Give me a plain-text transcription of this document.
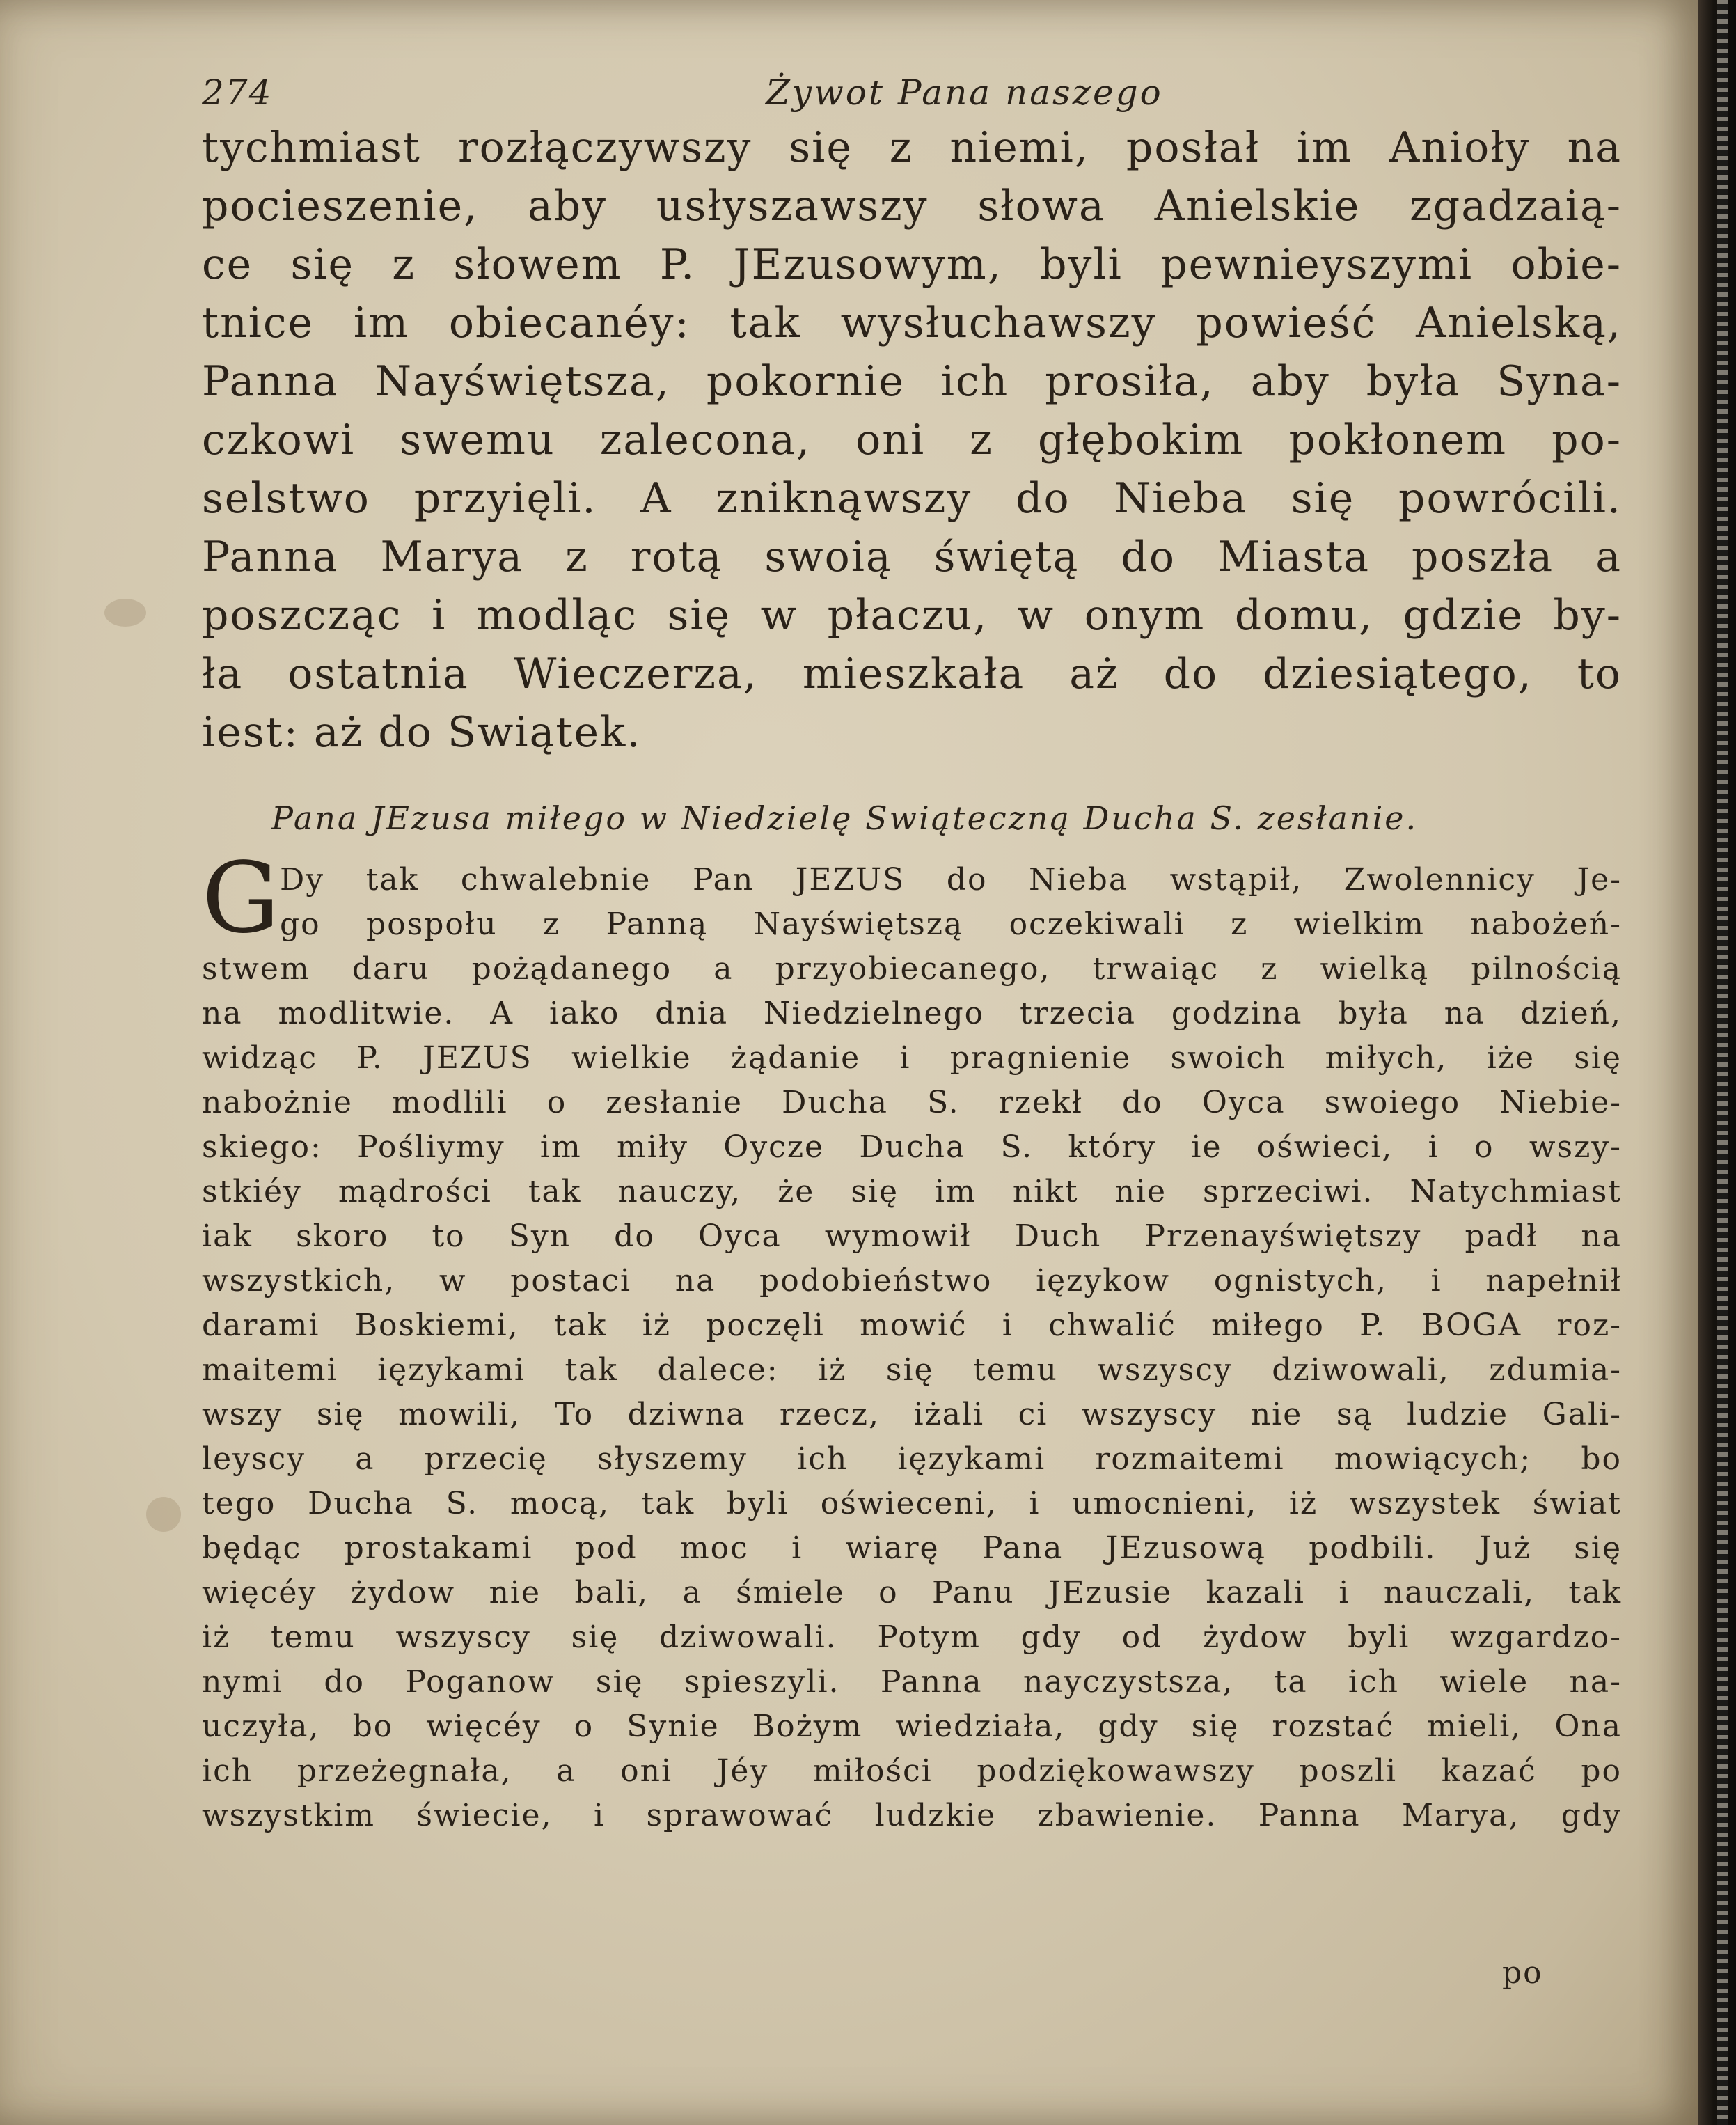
274	Żywot Pana naszego
tychmiast rozłączywszy się z niemi, posłał im Anioły na
pocieszenie, aby usłyszawszy słowa Anielskie zgadzaią-
ce się z słowem P. JEzusowym, byli pewnieyszymi obie-
tnice im obiecanéy: tak wysłuchawszy powieść Anielską,
Panna Nayświętsza, pokornie ich prosiła, aby była Syna-
czkowi swemu zalecona, oni z głębokim pokłonem po-
selstwo przyięli. A zniknąwszy do Nieba się powrócili.
Panna Marya z rotą swoią świętą do Miasta poszła a
poszcząc i modląc się w płaczu, w onym domu, gdzie by-
ła ostatnia Wieczerza, mieszkała aż do dziesiątego, to
iest: aż do Swiątek.
Pana JEzusa miłego w Niedzielę Swiąteczną Ducha S. zesłanie.
G Dy tak chwalebnie Pan JEZUS do Nieba wstąpił, Zwolennicy Je-
go pospołu z Panną Nayświętszą oczekiwali z wielkim nabożeń-
stwem daru pożądanego a przyobiecanego, trwaiąc z wielką pilnością
na modlitwie. A iako dnia Niedzielnego trzecia godzina była na dzień,
widząc P. JEZUS wielkie żądanie i pragnienie swoich miłych, iże się
nabożnie modlili o zesłanie Ducha S. rzekł do Oyca swoiego Niebie-
skiego: Pośliymy im miły Oycze Ducha S. który ie oświeci, i o wszy-
stkiéy mądrości tak nauczy, że się im nikt nie sprzeciwi. Natychmiast
iak skoro to Syn do Oyca wymowił Duch Przenayświętszy padł na
wszystkich, w postaci na podobieństwo ięzykow ognistych, i napełnił
darami Boskiemi, tak iż poczęli mowić i chwalić miłego P. BOGA roz-
maitemi ięzykami tak dalece: iż się temu wszyscy dziwowali, zdumia-
wszy się mowili, To dziwna rzecz, iżali ci wszyscy nie są ludzie Gali-
leyscy a przecię słyszemy ich ięzykami rozmaitemi mowiących; bo
tego Ducha S. mocą, tak byli oświeceni, i umocnieni, iż wszystek świat
będąc prostakami pod moc i wiarę Pana JEzusową podbili. Już się
więcéy żydow nie bali, a śmiele o Panu JEzusie kazali i nauczali, tak
iż temu wszyscy się dziwowali. Potym gdy od żydow byli wzgardzo-
nymi do Poganow się spieszyli. Panna nayczystsza, ta ich wiele na-
uczyła, bo więcéy o Synie Bożym wiedziała, gdy się rozstać mieli, Ona
ich przeżegnała, a oni Jéy miłości podziękowawszy poszli kazać po
wszystkim świecie, i sprawować ludzkie zbawienie. Panna Marya, gdy
po
